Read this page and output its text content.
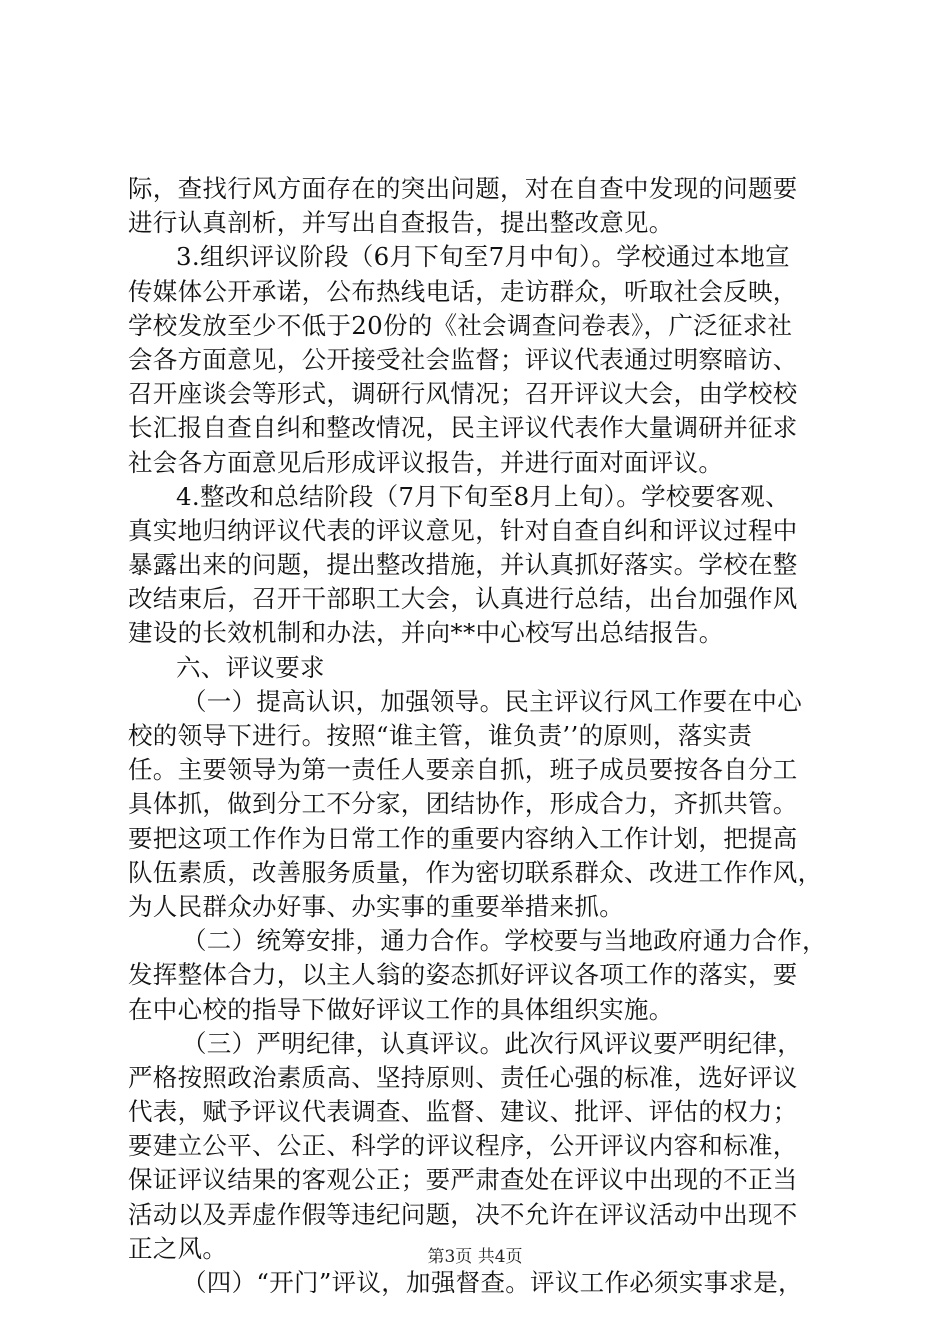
际，查找行风方面存在的突出问题，对在自查中发现的问题要
进行认真剖析，并写出自查报告，提出整改意见。
3.组织评议阶段（6月下旬至7月中旬）。学校通过本地宣
传媒体公开承诺，公布热线电话，走访群众，听取社会反映，
学校发放至少不低于20份的《社会调查问卷表》，广泛征求社
会各方面意见，公开接受社会监督；评议代表通过明察暗访、
召开座谈会等形式，调研行风情况；召开评议大会，由学校校
长汇报自查自纠和整改情况，民主评议代表作大量调研并征求
社会各方面意见后形成评议报告，并进行面对面评议。
4.整改和总结阶段（7月下旬至8月上旬）。学校要客观、
真实地归纳评议代表的评议意见，针对自查自纠和评议过程中
暴露出来的问题，提出整改措施，并认真抓好落实。学校在整
改结束后，召开干部职工大会，认真进行总结，出台加强作风
建设的长效机制和办法，并向**中心校写出总结报告。
六、评议要求
（一）提高认识，加强领导。民主评议行风工作要在中心
校的领导下进行。按照“谁主管，谁负责’’的原则，落实责
任。主要领导为第一责任人要亲自抓，班子成员要按各自分工
具体抓，做到分工不分家，团结协作，形成合力，齐抓共管。
要把这项工作作为日常工作的重要内容纳入工作计划，把提高
队伍素质，改善服务质量，作为密切联系群众、改进工作作风，
为人民群众办好事、办实事的重要举措来抓。
（二）统筹安排，通力合作。学校要与当地政府通力合作，
发挥整体合力，以主人翁的姿态抓好评议各项工作的落实，要
在中心校的指导下做好评议工作的具体组织实施。
（三）严明纪律，认真评议。此次行风评议要严明纪律，
严格按照政治素质高、坚持原则、责任心强的标准，选好评议
代表，赋予评议代表调查、监督、建议、批评、评估的权力；
要建立公平、公正、科学的评议程序，公开评议内容和标准，
保证评议结果的客观公正；要严肃查处在评议中出现的不正当
活动以及弄虚作假等违纪问题，决不允许在评议活动中出现不
正之风。
（四）“开门”评议，加强督查。评议工作必须实事求是，
第3页 共4页
